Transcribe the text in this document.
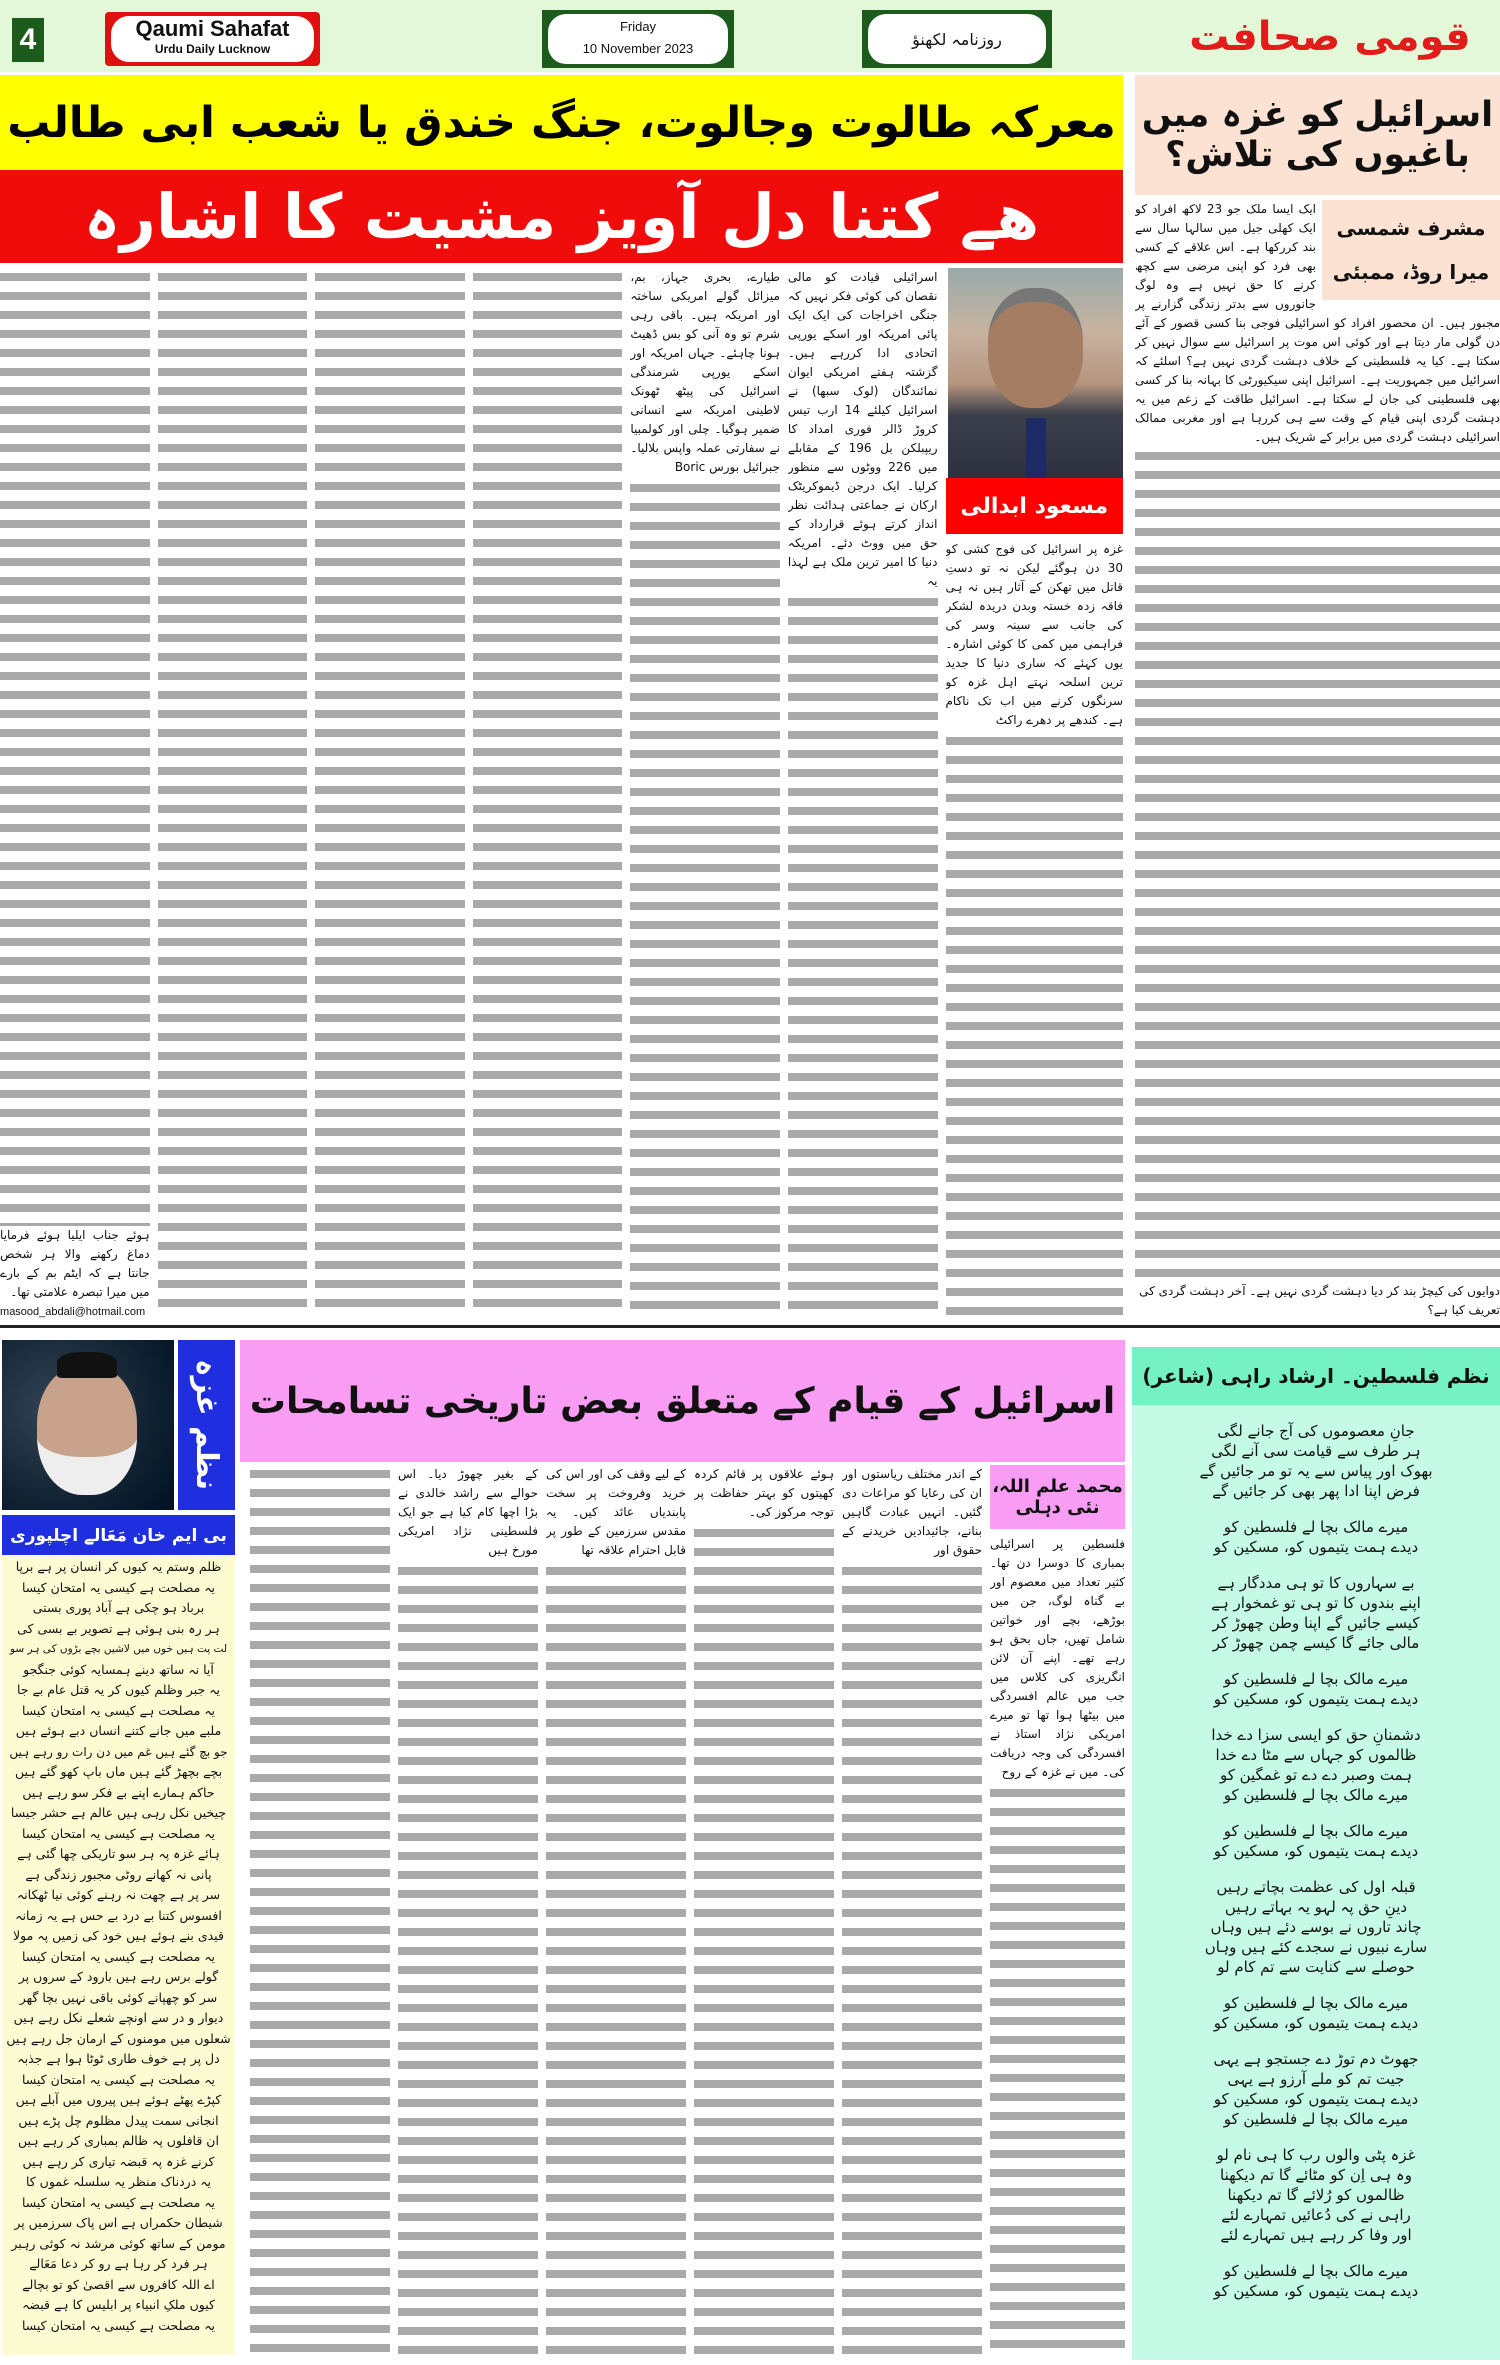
4	Qaumi Sahafat
Urdu Daily Lucknow
Friday
10 November 2023	روزنامہ لکھنؤ	قومی صحافت
معرکہ طالوت وجالوت، جنگ خندق یا شعب ابی طالب
ھے کتنا دل آویز مشیت کا اشارہ
اسرائیل کو غزہ میں باغیوں کی تلاش؟
مسعود ابدالی

غزہ پر اسرائیل کی فوج کشی کو 30 دن ہوگئے لیکن نہ تو دستِ قاتل میں تھکن کے آثار ہیں نہ ہی فاقہ زدہ خستہ وبدن دریدہ لشکر کی جانب سے سینہ وسر کی فراہمی میں کمی کا کوئی اشارہ۔ یوں کہئے کہ ساری دنیا کا جدید ترین اسلحہ نہتے اہل غزہ کو سرنگوں کرنے میں اب تک ناکام ہے۔ کندھے پر دھرے راکٹ

اسرائیلی قیادت کو مالی نقصان کی کوئی فکر نہیں کہ جنگی اخراجات کی ایک ایک پائی امریکہ اور اسکے یورپی اتحادی ادا کررہے ہیں۔ گزشتہ ہفتے امریکی ایوان نمائندگان (لوک سبھا) نے اسرائیل کیلئے 14 ارب تیس کروڑ ڈالر فوری امداد کا ریپبلکن بل 196 کے مقابلے میں 226 ووٹوں سے منظور کرلیا۔ ایک درجن ڈیموکریٹک ارکان نے جماعتی ہدائت نظر انداز کرتے ہوئے قرارداد کے حق میں ووٹ دئے۔ امریکہ دنیا کا امیر ترین ملک ہے لہذا یہ

طیارے، بحری جہاز، بم، میزائل گولے امریکی ساختہ اور امریکہ ہیں۔ باقی رہی شرم تو وہ آنی کو بس ڈھیٹ ہونا چاہئے۔ جہاں امریکہ اور اسکے یورپی شرمندگی اسرائیل کی پیٹھ ٹھونک لاطینی امریکہ سے انسانی ضمیر ہوگیا۔ چلی اور کولمبیا نے سفارتی عملہ واپس بلالیا۔ جبرائیل بورس Boric

ہوئے جناب ایلیا ہوئے فرمایا دماغ رکھنے والا ہر شخص جانتا ہے کہ ایٹم بم کے بارے میں میرا تبصرہ علامتی تھا۔

masood_abdali@hotmail.com
مشرف شمسی
میرا روڈ، ممبئی

ایک ایسا ملک جو 23 لاکھ افراد کو ایک کھلی جیل میں سالہا سال سے بند کررکھا ہے۔ اس علاقے کے کسی بھی فرد کو اپنی مرضی سے کچھ کرنے کا حق نہیں ہے وہ لوگ جانوروں سے بدتر زندگی گزارنے پر مجبور ہیں۔ ان محصور افراد کو اسرائیلی فوجی بنا کسی قصور کے آئے دن گولی مار دیتا ہے اور کوئی اس موت پر اسرائیل سے سوال نہیں کر سکتا ہے۔ کیا یہ فلسطینی کے خلاف دہشت گردی نہیں ہے؟ اسلئے کہ اسرائیل میں جمہوریت ہے۔ اسرائیل اپنی سیکیورٹی کا بہانہ بنا کر کسی بھی فلسطینی کی جان لے سکتا ہے۔ اسرائیل طاقت کے زعم میں یہ دہشت گردی اپنی قیام کے وقت سے ہی کررہا ہے اور مغربی ممالک اسرائیلی دہشت گردی میں برابر کے شریک ہیں۔

دوایوں کی کیچڑ بند کر دیا دہشت گردی نہیں ہے۔ آخر دہشت گردی کی تعریف کیا ہے؟

نظم غزہ
بی ایم خان مَعَالے اچلپوری
ظلم وستم یہ کیوں کر انسان پر ہے برپا
یہ مصلحت ہے کیسی یہ امتحان کیسا
برباد ہو چکی ہے آباد پوری بستی
ہر رہ بنی ہوئی ہے تصویر بے بسی کی
لت پت ہیں خوں میں لاشیں بچے بڑوں کی ہر سو
آیا نہ ساتھ دینے ہمسایہ کوئی جنگجو
یہ جبر وظلم کیوں کر یہ قتل عام بے جا
یہ مصلحت ہے کیسی یہ امتحان کیسا
ملبے میں جانے کتنے انساں دبے ہوئے ہیں
جو بچ گئے ہیں غم میں دن رات رو رہے ہیں
بچے بچھڑ گئے ہیں ماں باپ کھو گئے ہیں
حاکم ہمارے اپنے بے فکر سو رہے ہیں
چیخیں نکل رہی ہیں عالم ہے حشر جیسا
یہ مصلحت ہے کیسی یہ امتحان کیسا
ہائے غزہ پہ ہر سو تاریکی چھا گئی ہے
پانی نہ کھانے روٹی مجبور زندگی ہے
سر پر ہے چھت نہ رہنے کوئی نیا ٹھکانہ
افسوس کتنا بے درد بے حس ہے یہ زمانہ
قیدی بنے ہوئے ہیں خود کی زمیں پہ مولا
یہ مصلحت ہے کیسی یہ امتحان کیسا
گولے برس رہے ہیں بارود کے سروں پر
سر کو چھپانے کوئی باقی نہیں بچا گھر
دیوار و در سے اونچے شعلے نکل رہے ہیں
شعلوں میں مومنوں کے ارمان جل رہے ہیں
دل پر ہے خوف طاری ٹوٹا ہوا ہے جذبہ
یہ مصلحت ہے کیسی یہ امتحان کیسا
کپڑے پھٹے ہوئے ہیں پیروں میں آبلے ہیں
انجانی سمت پیدل مظلوم چل پڑے ہیں
ان قافلوں پہ ظالم بمباری کر رہے ہیں
کرنے غزہ پہ قبضہ تیاری کر رہے ہیں
یہ دردناک منظر یہ سلسلہ غموں کا
یہ مصلحت ہے کیسی یہ امتحان کیسا
شیطان حکمراں ہے اس پاک سرزمیں پر
مومن کے ساتھ کوئی مرشد نہ کوئی رہبر
ہر فرد کر رہا ہے رو کر دعا مَعَالے
اے اللہ کافروں سے اقصیٰ کو تو بچالے
کیوں ملکِ انبیاء پر ابلیس کا ہے قبضہ
یہ مصلحت ہے کیسی یہ امتحان کیسا
اسرائیل کے قیام کے متعلق بعض تاریخی تسامحات
محمد علم اللہ، نئی دہلی

فلسطین پر اسرائیلی بمباری کا دوسرا دن تھا۔ کثیر تعداد میں معصوم اور بے گناہ لوگ، جن میں بوڑھے، بچے اور خواتین شامل تھیں، جاں بحق ہو رہے تھے۔ اپنے آن لائن انگریزی کی کلاس میں جب میں عالم افسردگی میں بیٹھا ہوا تھا تو میرے امریکی نژاد استاذ نے افسردگی کی وجہ دریافت کی۔ میں نے غزہ کے روح

کے اندر مختلف ریاستوں اور ان کی رعایا کو مراعات دی گئیں۔ انہیں عبادت گاہیں بنانے، جائیدادیں خریدنے کے حقوق اور

ہوئے علاقوں پر قائم کردہ کھیتوں کو بہتر حفاظت پر توجہ مرکوز کی۔

کے لیے وقف کی اور اس کی خرید وفروخت پر سخت پابندیاں عائد کیں۔ یہ مقدس سرزمین کے طور پر قابل احترام علاقہ تھا

کے بغیر چھوڑ دیا۔ اس حوالے سے راشد خالدی نے بڑا اچھا کام کیا ہے جو ایک فلسطینی نژاد امریکی مورخ ہیں

نظم فلسطین۔ ارشاد راہی (شاعر)
جانِ معصوموں کی آج جانے لگی
ہر طرف سے قیامت سی آنے لگی
بھوک اور پیاس سے یہ تو مر جائیں گے
فرض اپنا ادا پھر بھی کر جائیں گے
میرے مالک بچا لے فلسطین کو
دیدے ہمت یتیموں کو، مسکین کو
بے سہاروں کا تو ہی مددگار ہے
اپنے بندوں کا تو ہی تو غمخوار ہے
کیسے جائیں گے اپنا وطن چھوڑ کر
مالی جائے گا کیسے چمن چھوڑ کر
میرے مالک بچا لے فلسطین کو
دیدے ہمت یتیموں کو، مسکین کو
دشمنانِ حق کو ایسی سزا دے خدا
ظالموں کو جہاں سے مٹا دے خدا
ہمت وصبر دے دے تو غمگین کو
میرے مالک بچا لے فلسطین کو
میرے مالک بچا لے فلسطین کو
دیدے ہمت یتیموں کو، مسکین کو
قبلہ اول کی عظمت بچاتے رہیں
دینِ حق پہ لہو یہ بہاتے رہیں
چاند تاروں نے بوسے دئے ہیں وہاں
سارے نبیوں نے سجدے کئے ہیں وہاں
حوصلے سے کنایت سے تم کام لو
میرے مالک بچا لے فلسطین کو
دیدے ہمت یتیموں کو، مسکین کو
جھوٹ دم توڑ دے جستجو ہے یہی
جیت تم کو ملے آرزو ہے یہی
دیدے ہمت یتیموں کو، مسکین کو
میرے مالک بچا لے فلسطین کو
غزہ پٹی والوں رب کا ہی نام لو
وہ ہی اِن کو مٹائے گا تم دیکھنا
ظالموں کو رُلائے گا تم دیکھنا
راہی نے کی دُعائیں تمہارے لئے
اور وفا کر رہے ہیں تمہارے لئے
میرے مالک بچا لے فلسطین کو
دیدے ہمت یتیموں کو، مسکین کو
